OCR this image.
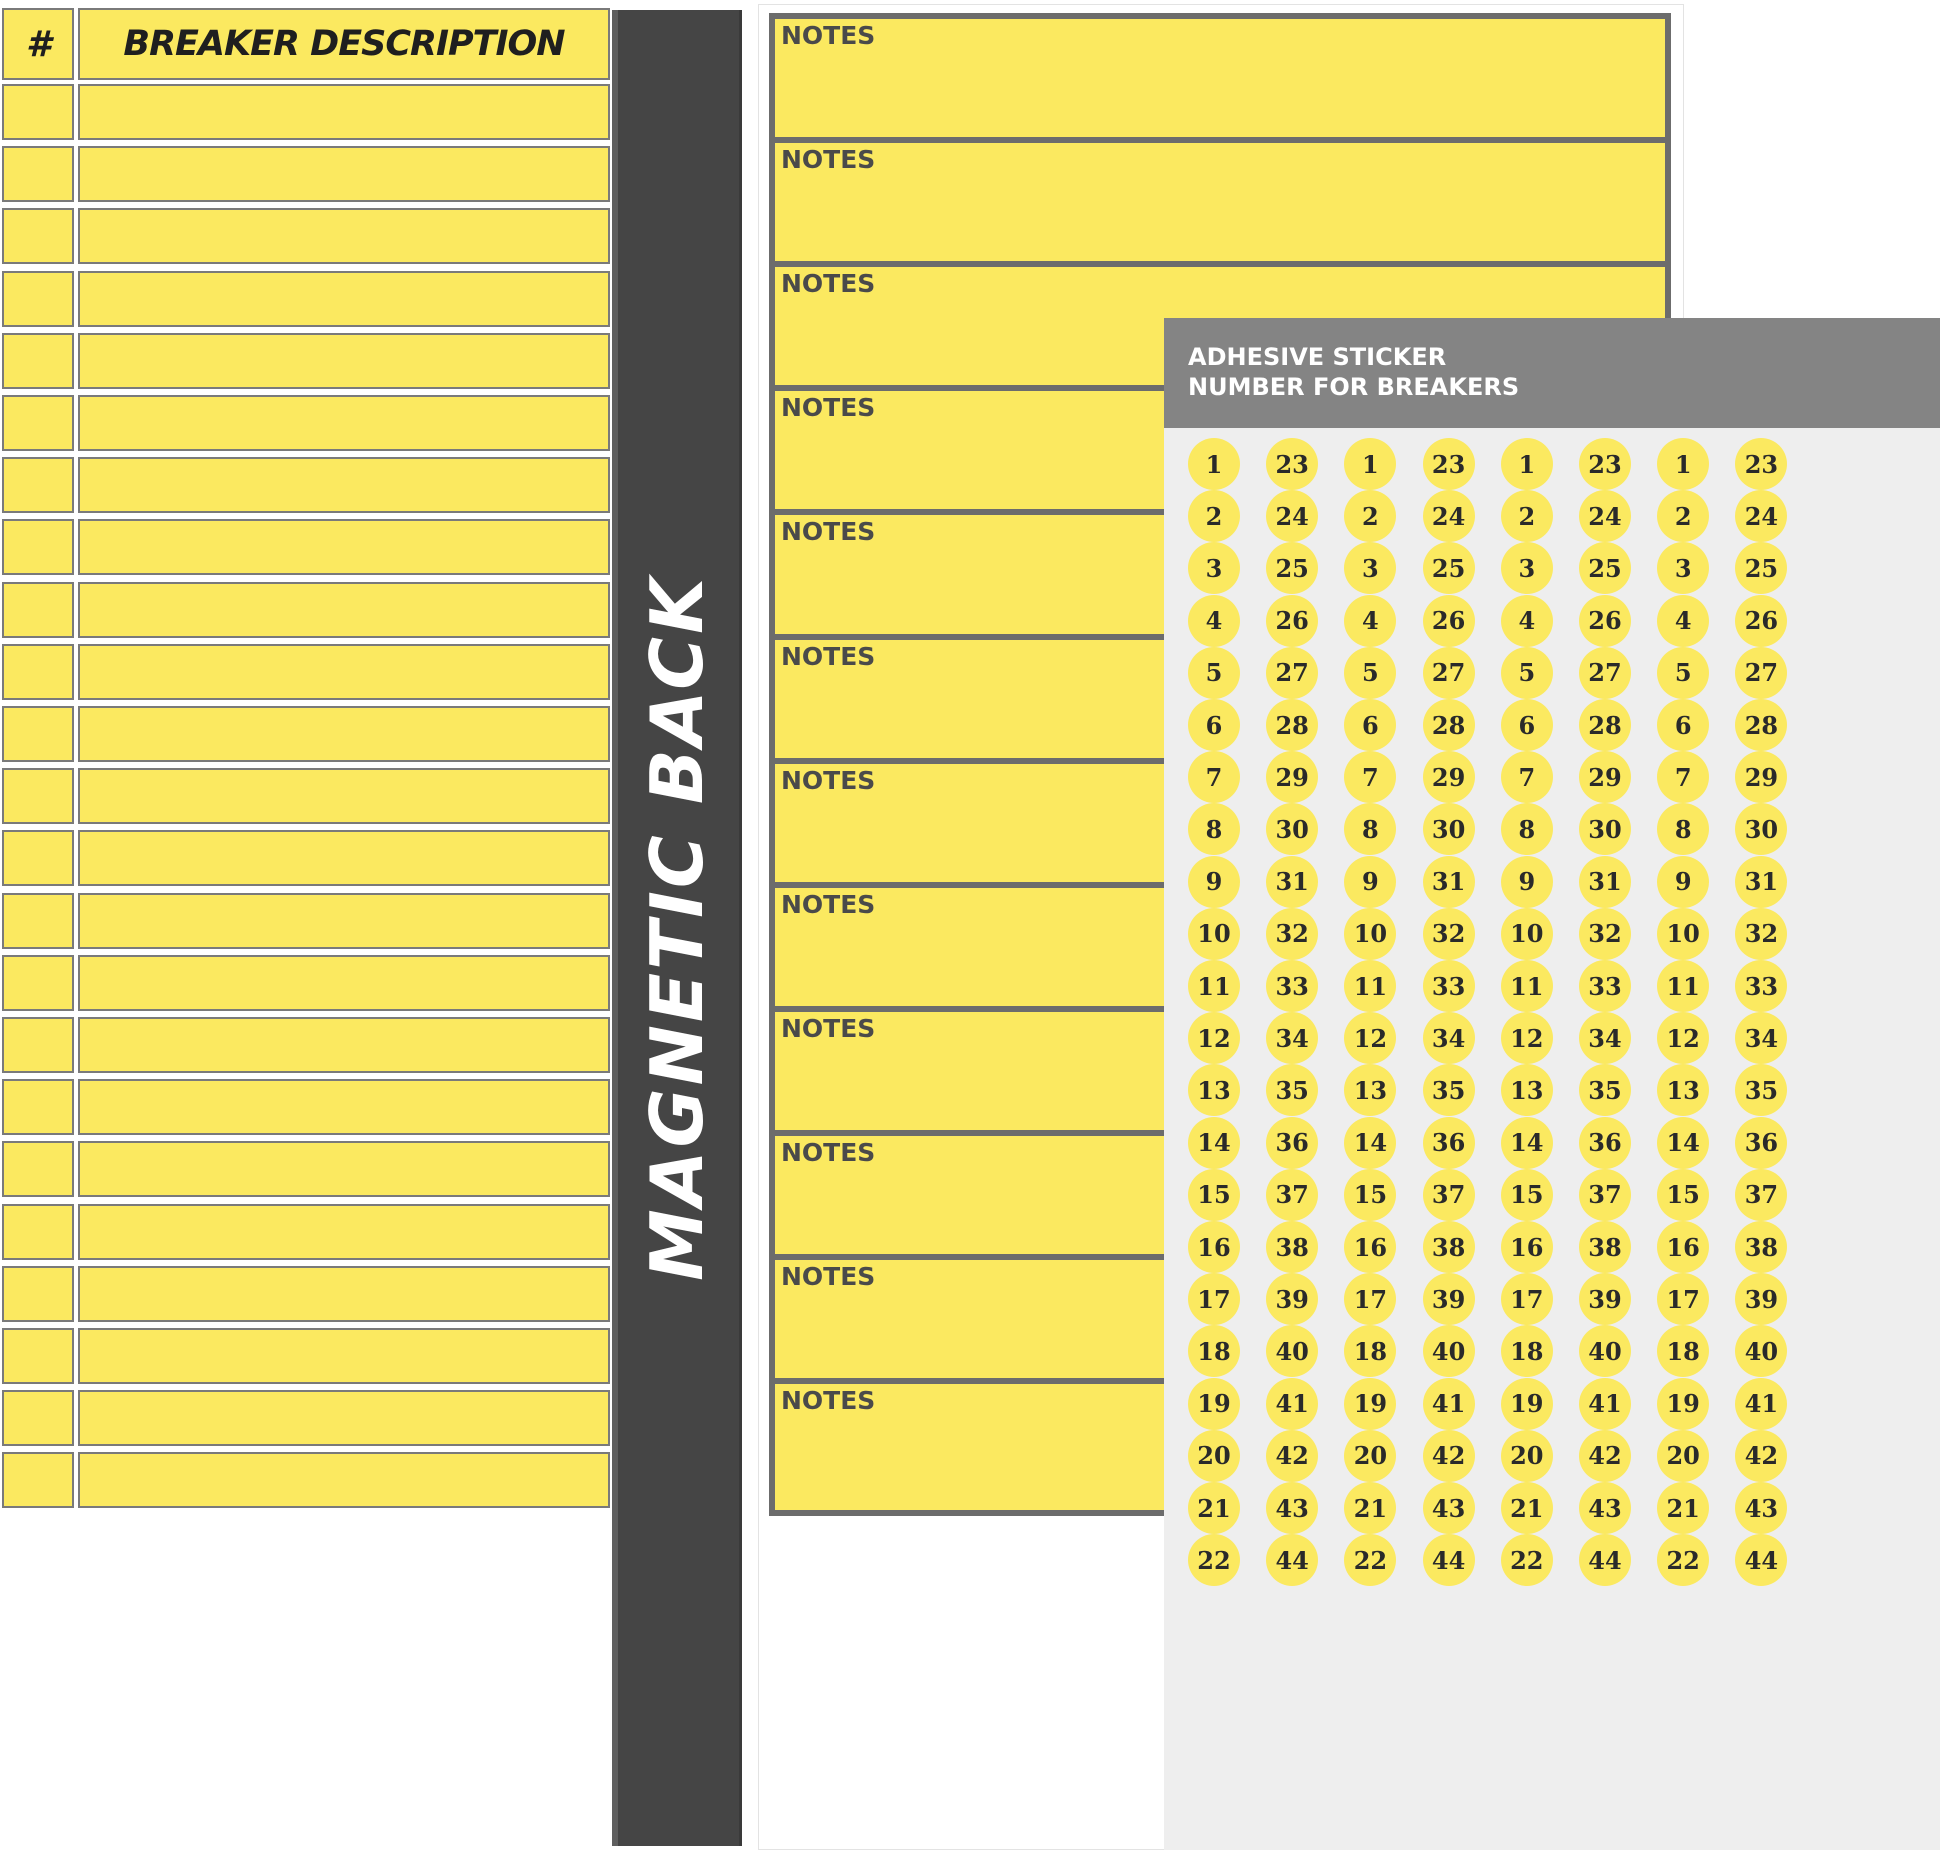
#	BREAKER DESCRIPTION
MAGNETIC BACK
NOTES
NOTES
NOTES
NOTES
NOTES
NOTES
NOTES
NOTES
NOTES
NOTES
NOTES
NOTES
ADHESIVE STICKER
NUMBER FOR BREAKERS
1
2
3
4
5
6
7
8
9
10
11
12
13
14
15
16
17
18
19
20
21
22
23
24
25
26
27
28
29
30
31
32
33
34
35
36
37
38
39
40
41
42
43
44
1
2
3
4
5
6
7
8
9
10
11
12
13
14
15
16
17
18
19
20
21
22
23
24
25
26
27
28
29
30
31
32
33
34
35
36
37
38
39
40
41
42
43
44
1
2
3
4
5
6
7
8
9
10
11
12
13
14
15
16
17
18
19
20
21
22
23
24
25
26
27
28
29
30
31
32
33
34
35
36
37
38
39
40
41
42
43
44
1
2
3
4
5
6
7
8
9
10
11
12
13
14
15
16
17
18
19
20
21
22
23
24
25
26
27
28
29
30
31
32
33
34
35
36
37
38
39
40
41
42
43
44
